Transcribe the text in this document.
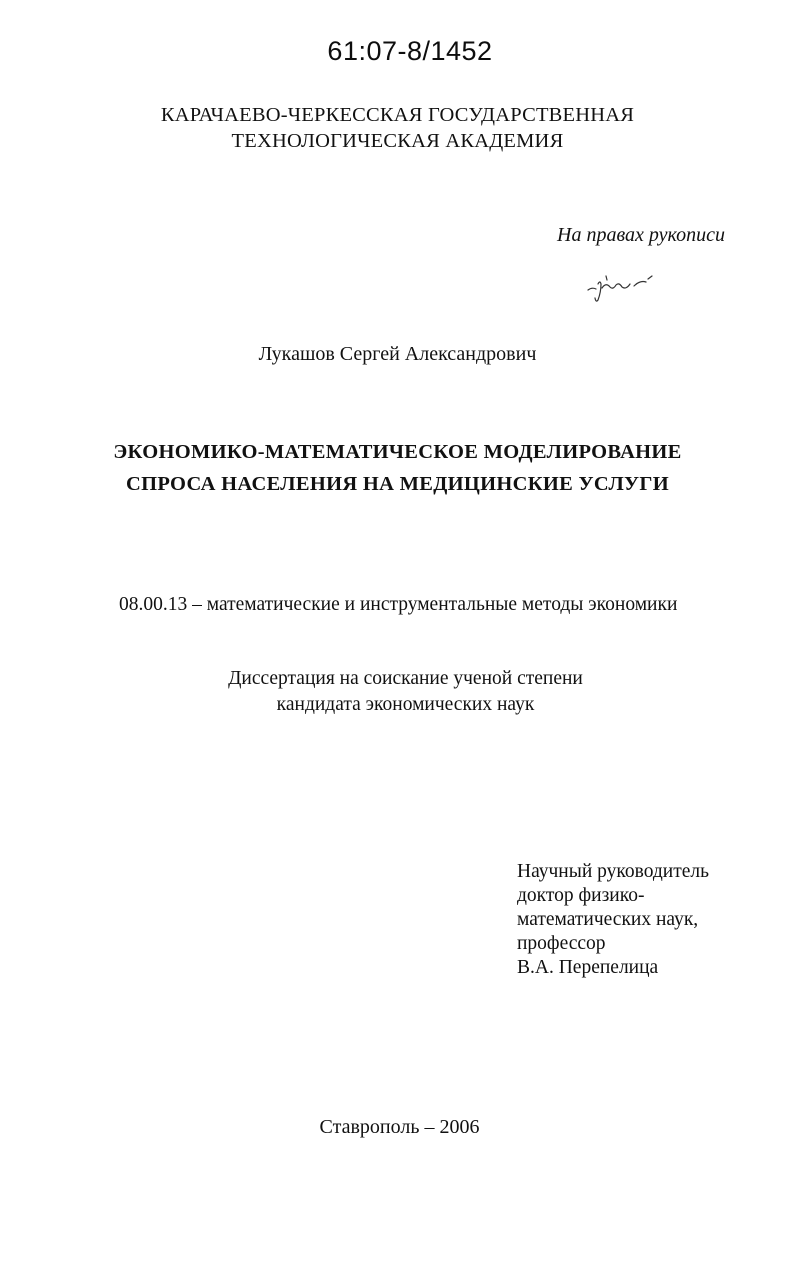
61:07-8/1452
КАРАЧАЕВО-ЧЕРКЕССКАЯ ГОСУДАРСТВЕННАЯ
ТЕХНОЛОГИЧЕСКАЯ АКАДЕМИЯ
На правах рукописи
Лукашов Сергей Александрович
ЭКОНОМИКО-МАТЕМАТИЧЕСКОЕ МОДЕЛИРОВАНИЕ
СПРОСА НАСЕЛЕНИЯ НА МЕДИЦИНСКИЕ УСЛУГИ
08.00.13 – математические и инструментальные методы экономики
Диссертация на соискание ученой степени
кандидата экономических наук
Научный руководитель
доктор физико-
математических наук,
профессор
В.А. Перепелица
Ставрополь – 2006
